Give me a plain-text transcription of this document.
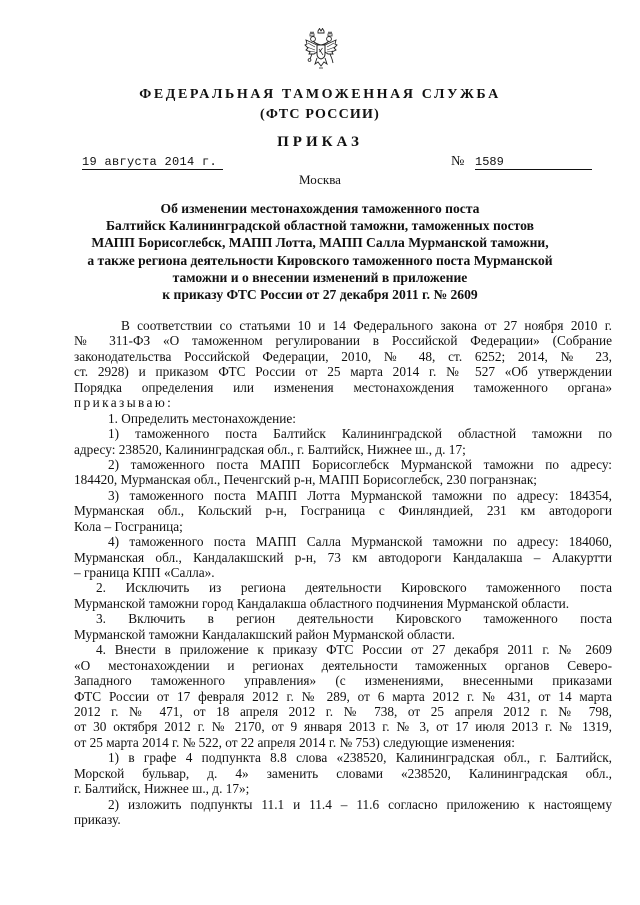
ФЕДЕРАЛЬНАЯ ТАМОЖЕННАЯ СЛУЖБА
(ФТС РОССИИ)
ПРИКАЗ
19 августа 2014 г.	№ 1589
Москва
Об изменении местонахождения таможенного поста
Балтийск Калининградской областной таможни, таможенных постов
МАПП Борисоглебск, МАПП Лотта, МАПП Салла Мурманской таможни,
а также региона деятельности Кировского таможенного поста Мурманской
таможни и о внесении изменений в приложение
к приказу ФТС России от 27 декабря 2011 г. № 2609
В соответствии со статьями 10 и 14 Федерального закона от 27 ноября 2010 г.
№ 311-ФЗ «О таможенном регулировании в Российской Федерации» (Собрание
законодательства Российской Федерации, 2010, № 48, ст. 6252; 2014, № 23,
ст. 2928) и приказом ФТС России от 25 марта 2014 г. № 527 «Об утверждении
Порядка определения или изменения местонахождения таможенного органа»
приказываю:
1. Определить местонахождение:
1) таможенного поста Балтийск Калининградской областной таможни по
адресу: 238520, Калининградская обл., г. Балтийск, Нижнее ш., д. 17;
2) таможенного поста МАПП Борисоглебск Мурманской таможни по адресу:
184420, Мурманская обл., Печенгский р-н, МАПП Борисоглебск, 230 погранзнак;
3) таможенного поста МАПП Лотта Мурманской таможни по адресу: 184354,
Мурманская обл., Кольский р-н, Госграница с Финляндией, 231 км автодороги
Кола – Госграница;
4) таможенного поста МАПП Салла Мурманской таможни по адресу: 184060,
Мурманская обл., Кандалакшский р-н, 73 км автодороги Кандалакша – Алакуртти
– граница КПП «Салла».
2. Исключить из региона деятельности Кировского таможенного поста
Мурманской таможни город Кандалакша областного подчинения Мурманской области.
3. Включить в регион деятельности Кировского таможенного поста
Мурманской таможни Кандалакшский район Мурманской области.
4. Внести в приложение к приказу ФТС России от 27 декабря 2011 г. № 2609
«О местонахождении и регионах деятельности таможенных органов Северо-
Западного таможенного управления» (с изменениями, внесенными приказами
ФТС России от 17 февраля 2012 г. № 289, от 6 марта 2012 г. № 431, от 14 марта
2012 г. № 471, от 18 апреля 2012 г. № 738, от 25 апреля 2012 г. № 798,
от 30 октября 2012 г. № 2170, от 9 января 2013 г. № 3, от 17 июля 2013 г. № 1319,
от 25 марта 2014 г. № 522, от 22 апреля 2014 г. № 753) следующие изменения:
1) в графе 4 подпункта 8.8 слова «238520, Калининградская обл., г. Балтийск,
Морской бульвар, д. 4» заменить словами «238520, Калининградская обл.,
г. Балтийск, Нижнее ш., д. 17»;
2) изложить подпункты 11.1 и 11.4 – 11.6 согласно приложению к настоящему
приказу.
